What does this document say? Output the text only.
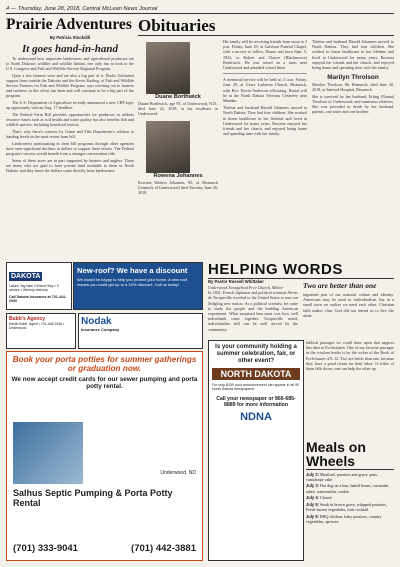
4 — Thursday, June 28, 2018, Central McLean News Journal
Prairie Adventures
By Patricia Stockdill
It goes hand-in-hand

To understand how important landowners and agricultural producers are to North Dakota's wildlife and wildlife habitat, one only has to look to the U.S. Congress and Fish and Wildlife Service Regional Program.

Quite a few farmers were and are also a big part of it. Ducks Unlimited support from outside the Dakotas and the Kevin Kading, of Fish and Wildlife Service Partners for Fish and Wildlife Program, says reaching out to farmers and ranchers in this effort has been and will continue to be a big part of the program.

The U.S. Department of Agriculture recently announced a new CRP sign-up opportunity with an Aug. 17 deadline.

The Federal Farm Bill provides opportunities for producers to address resource issues such as soil health and water quality but also benefits fish and wildlife species, including beneficial insects.

That's why there's concern by Game and Fish Department's relation to funding levels in the most recent farm bill.

Landowners participating in farm bill programs through other agencies have seen significant declines in dollars to support these efforts. The Federal program's success would benefit from a stronger conservation title.

Some of these acres are in part supported by hunters and anglers. There are many who are glad to have private land available to them in North Dakota, and they know the dollars come directly from landowners.

DAKOTA
Lakes, big lake Central Hwy • 2 stories • Weekly delivery
Call Dakota Insurance at 701-444-2000
New-roof? We have a discount
We would be happy to help you protect your home. A new roof means you could get up to a 10% discount. Call us today!
Bubb's Agency
Kristin Bubb, Agent • 701-448-2346 • Underwood
Nodak
Insurance Company
Book your porta potties for summer gatherings or graduation now.
We now accept credit cards for our sewer pumping and porta potty rental.
Underwood, ND
Salhus Septic Pumping & Porta Potty Rental
(701) 333-9041	(701) 442-3881
Obituaries
Duane Borthwick
Duane Borthwick, age 95, of Underwood, N.D., died June 22, 2018, at his residence in Underwood.
Rowena Johannes
Rowena Walters Johannes, 85, of Bismarck (formerly of Underwood) died Tuesday, June 26, 2018.
His family will be receiving friends from noon to 2 p.m. Friday, June 29, at Garrison Funeral Chapel, with a service to follow. Duane was born Sept. 5, 1922, to Robert and Clarice (Blackmoore) Borthwick. He was raised on a farm near Underwood and attended school there.
A memorial service will be held at 11 a.m. Friday, June 29, at Grace Lutheran Church, Bismarck, with Rev. Kevin Anderson officiating. Burial will be in the North Dakota Veterans Cemetery near Mandan.
Thelma and husband Harold Johannes moved to North Dakota. They had four children. She worked in home healthcare in her lifetime and lived in Underwood for many years. Rowena enjoyed her friends and her church, and enjoyed being home and spending time with her family.
Thelma and husband Harold Johannes moved to North Dakota. They had four children. She worked in home healthcare in her lifetime and lived in Underwood for many years. Rowena enjoyed her friends and her church, and enjoyed being home and spending time with her family.
Marilyn Throlson
Marilyn Throlson, 86, Bismarck, died June 20, 2018, at Sanford Hospital, Bismarck.
She is survived by her husband, Erling (Nanna) Throlson of Underwood; and numerous relatives. She was preceded in death by her husband, parents, one sister and one brother.
HELPING WORDS
By Pastor Russell Whittaker
Underwood Evangelical Free Church, Milnor
In 1831, French diplomat and political scientist Alexis de Tocqueville traveled to the United States to tour our fledgling new nation. As a political scientist, he came to study the people and the budding American experiment. What surprised him most was how well individuals came together. Tocqueville noted, individualists still can be well served by the community.
Two are better than one
ingrained part of our national culture and identity. Americans may be used to individualism, but in a small town we realize we need each other. Christian faith makes clear God did not intend us to live life alone.
Is your community holding a summer celebration, fair, or other event?
NORTH DAKOTA
For only $150 your announcement can appear in all 90 North Dakota newspapers!
Call your newspaper or 866-685-8889 for more information
NDNA
biblical passages we could draw upon that support this idea in Ecclesiastes. One of my favorite passages in the wisdom books is by the writer of the Book of Ecclesiastes 4:9–12. Two are better than one, because they have a good return for their labor. If either of them falls down, one can help the other up.
Meals on Wheels
July 2: Meatloaf, potatoes and gravy, peas, cantaloupe cake.
July 3: Hot dog on a bun, baked beans, cucumber salad, watermelon, cookie.
July 4: Closed.
July 5: Steak in brown gravy, whipped potatoes, Fresh-frozen vegetables, fruit cocktail.
July 6: BBQ chicken, baby potatoes, country vegetables, apricots.
